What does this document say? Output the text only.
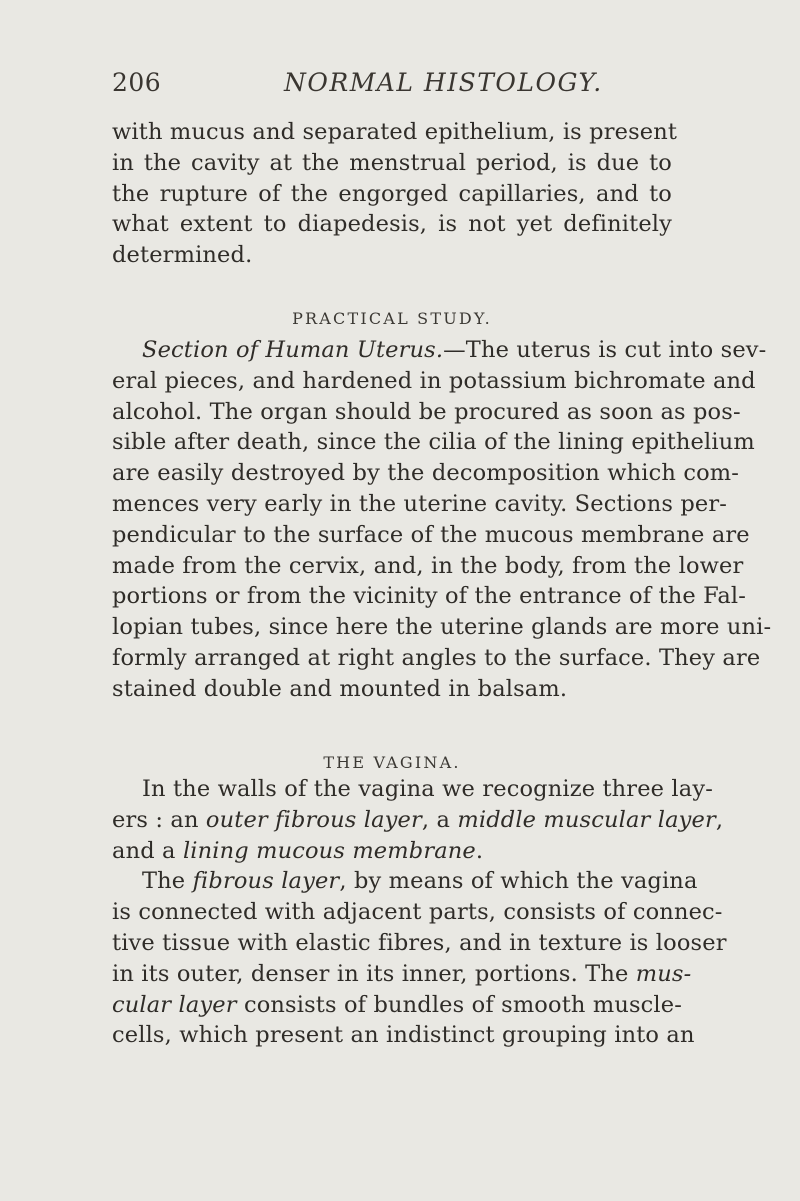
206	NORMAL HISTOLOGY.
with mucus and separated epithelium, is present
in the cavity at the menstrual period, is due to
the rupture of the engorged capillaries, and to
what extent to diapedesis, is not yet definitely
determined.
PRACTICAL STUDY.
Section of Human Uterus.—The uterus is cut into sev-
eral pieces, and hardened in potassium bichromate and
alcohol. The organ should be procured as soon as pos-
sible after death, since the cilia of the lining epithelium
are easily destroyed by the decomposition which com-
mences very early in the uterine cavity. Sections per-
pendicular to the surface of the mucous membrane are
made from the cervix, and, in the body, from the lower
portions or from the vicinity of the entrance of the Fal-
lopian tubes, since here the uterine glands are more uni-
formly arranged at right angles to the surface. They are
stained double and mounted in balsam.
THE VAGINA.
In the walls of the vagina we recognize three lay-
ers : an outer fibrous layer, a middle muscular layer,
and a lining mucous membrane.
The fibrous layer, by means of which the vagina
is connected with adjacent parts, consists of connec-
tive tissue with elastic fibres, and in texture is looser
in its outer, denser in its inner, portions. The mus-
cular layer consists of bundles of smooth muscle-
cells, which present an indistinct grouping into an
